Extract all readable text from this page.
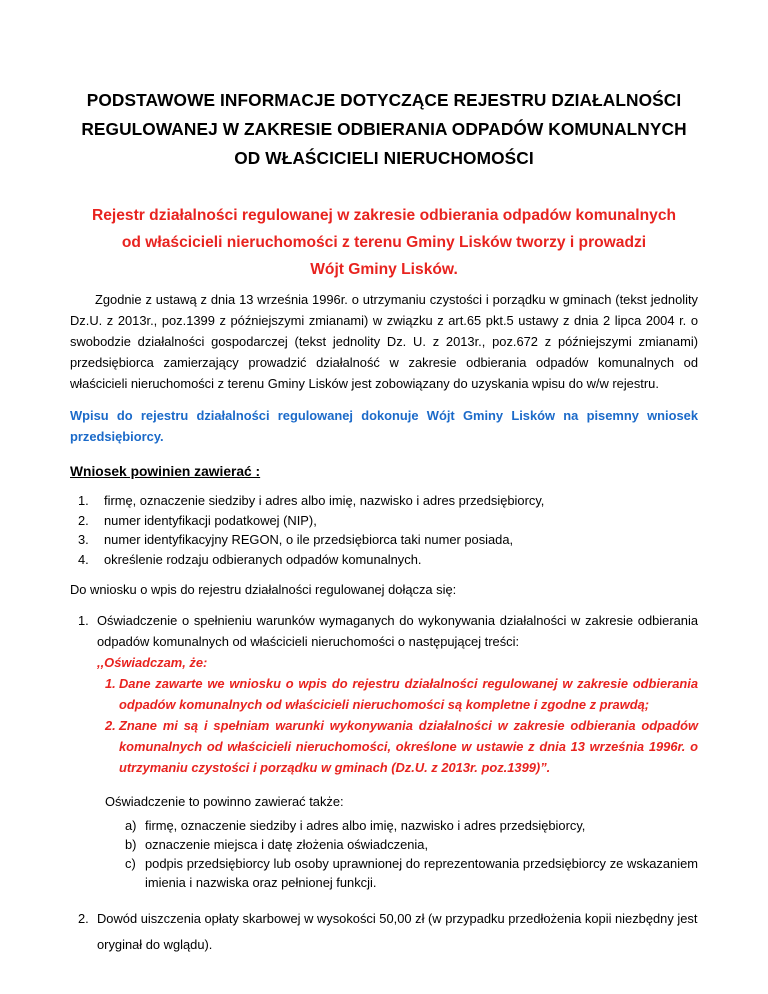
PODSTAWOWE INFORMACJE DOTYCZĄCE REJESTRU DZIAŁALNOŚCI
REGULOWANEJ W ZAKRESIE ODBIERANIA ODPADÓW KOMUNALNYCH
OD WŁAŚCICIELI NIERUCHOMOŚCI
Rejestr działalności regulowanej w zakresie odbierania odpadów komunalnych
od właścicieli nieruchomości z terenu Gminy Lisków tworzy i prowadzi
Wójt Gminy Lisków.

Zgodnie z ustawą z dnia 13 września 1996r. o utrzymaniu czystości i porządku w gminach (tekst jednolity Dz.U. z 2013r., poz.1399 z późniejszymi zmianami) w związku z art.65 pkt.5 ustawy z dnia 2 lipca 2004 r. o swobodzie działalności gospodarczej (tekst jednolity Dz. U. z 2013r., poz.672 z późniejszymi zmianami) przedsiębiorca zamierzający prowadzić działalność w zakresie odbierania odpadów komunalnych od właścicieli nieruchomości z terenu Gminy Lisków jest zobowiązany do uzyskania wpisu do w/w rejestru.

Wpisu do rejestru działalności regulowanej dokonuje Wójt Gminy Lisków na pisemny wniosek przedsiębiorcy.

Wniosek powinien zawierać :
1.	firmę, oznaczenie siedziby i adres albo imię, nazwisko i adres przedsiębiorcy,
2.	numer identyfikacji podatkowej (NIP),
3.	numer identyfikacyjny REGON, o ile przedsiębiorca taki numer posiada,
4.	określenie rodzaju odbieranych odpadów komunalnych.

Do wniosku o wpis do rejestru działalności regulowanej dołącza się:

1. Oświadczenie o spełnieniu warunków wymaganych do wykonywania działalności w zakresie odbierania odpadów komunalnych od właścicieli nieruchomości o następującej treści:
,,Oświadczam, że:
1. Dane zawarte we wniosku o wpis do rejestru działalności regulowanej w zakresie odbierania odpadów komunalnych od właścicieli nieruchomości są kompletne i zgodne z prawdą;
2. Znane mi są i spełniam warunki wykonywania działalności w zakresie odbierania odpadów komunalnych od właścicieli nieruchomości, określone w ustawie z dnia 13 września 1996r. o utrzymaniu czystości i porządku w gminach (Dz.U. z 2013r. poz.1399)”.
Oświadczenie to powinno zawierać także:
a) firmę, oznaczenie siedziby i adres albo imię, nazwisko i adres przedsiębiorcy,
b) oznaczenie miejsca i datę złożenia oświadczenia,
c) podpis przedsiębiorcy lub osoby uprawnionej do reprezentowania przedsiębiorcy ze wskazaniem imienia i nazwiska oraz pełnionej funkcji.
2. Dowód uiszczenia opłaty skarbowej w wysokości 50,00 zł (w przypadku przedłożenia kopii niezbędny jest oryginał do wglądu).
